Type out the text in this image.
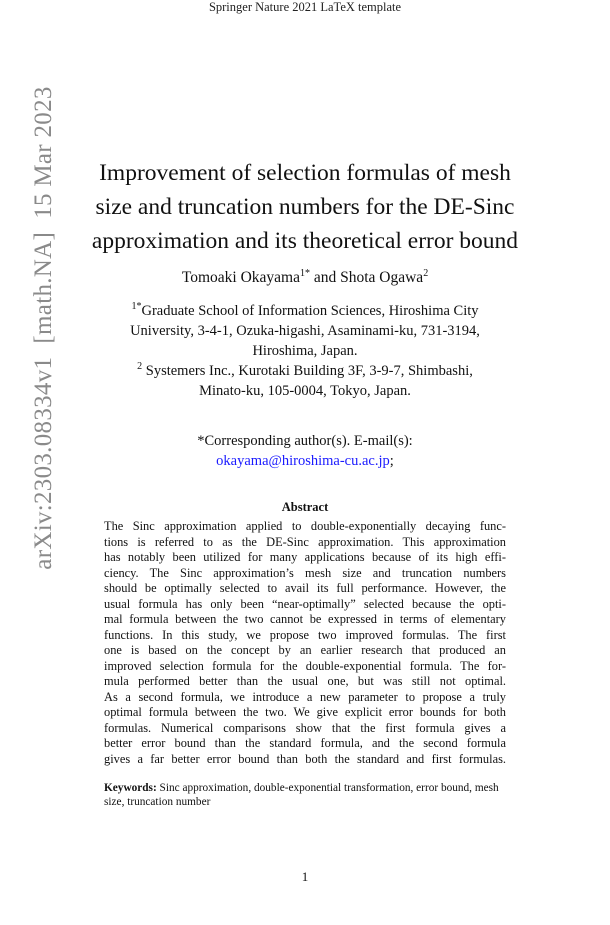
Springer Nature 2021 LaTeX template
arXiv:2303.08334v1  [math.NA]  15 Mar 2023	Improvement of selection formulas of mesh
size and truncation numbers for the DE-Sinc
approximation and its theoretical error bound
Tomoaki Okayama$^{1*}$ and Shota Ogawa$^2$
$^{1*}$Graduate School of Information Sciences, Hiroshima City
University, 3-4-1, Ozuka-higashi, Asaminami-ku, 731-3194,
Hiroshima, Japan.
$^2$ Systemers Inc., Kurotaki Building 3F, 3-9-7, Shimbashi,
Minato-ku, 105-0004, Tokyo, Japan.
*Corresponding author(s). E-mail(s):
okayama@hiroshima-cu.ac.jp;
Abstract
The Sinc approximation applied to double-exponentially decaying func-
tions is referred to as the DE-Sinc approximation. This approximation
has notably been utilized for many applications because of its high effi-
ciency. The Sinc approximation’s mesh size and truncation numbers
should be optimally selected to avail its full performance. However, the
usual formula has only been “near-optimally” selected because the opti-
mal formula between the two cannot be expressed in terms of elementary
functions. In this study, we propose two improved formulas. The first
one is based on the concept by an earlier research that produced an
improved selection formula for the double-exponential formula. The for-
mula performed better than the usual one, but was still not optimal.
As a second formula, we introduce a new parameter to propose a truly
optimal formula between the two. We give explicit error bounds for both
formulas. Numerical comparisons show that the first formula gives a
better error bound than the standard formula, and the second formula
gives a far better error bound than both the standard and first formulas.
Keywords: Sinc approximation, double-exponential transformation, error bound, mesh size, truncation number
1
